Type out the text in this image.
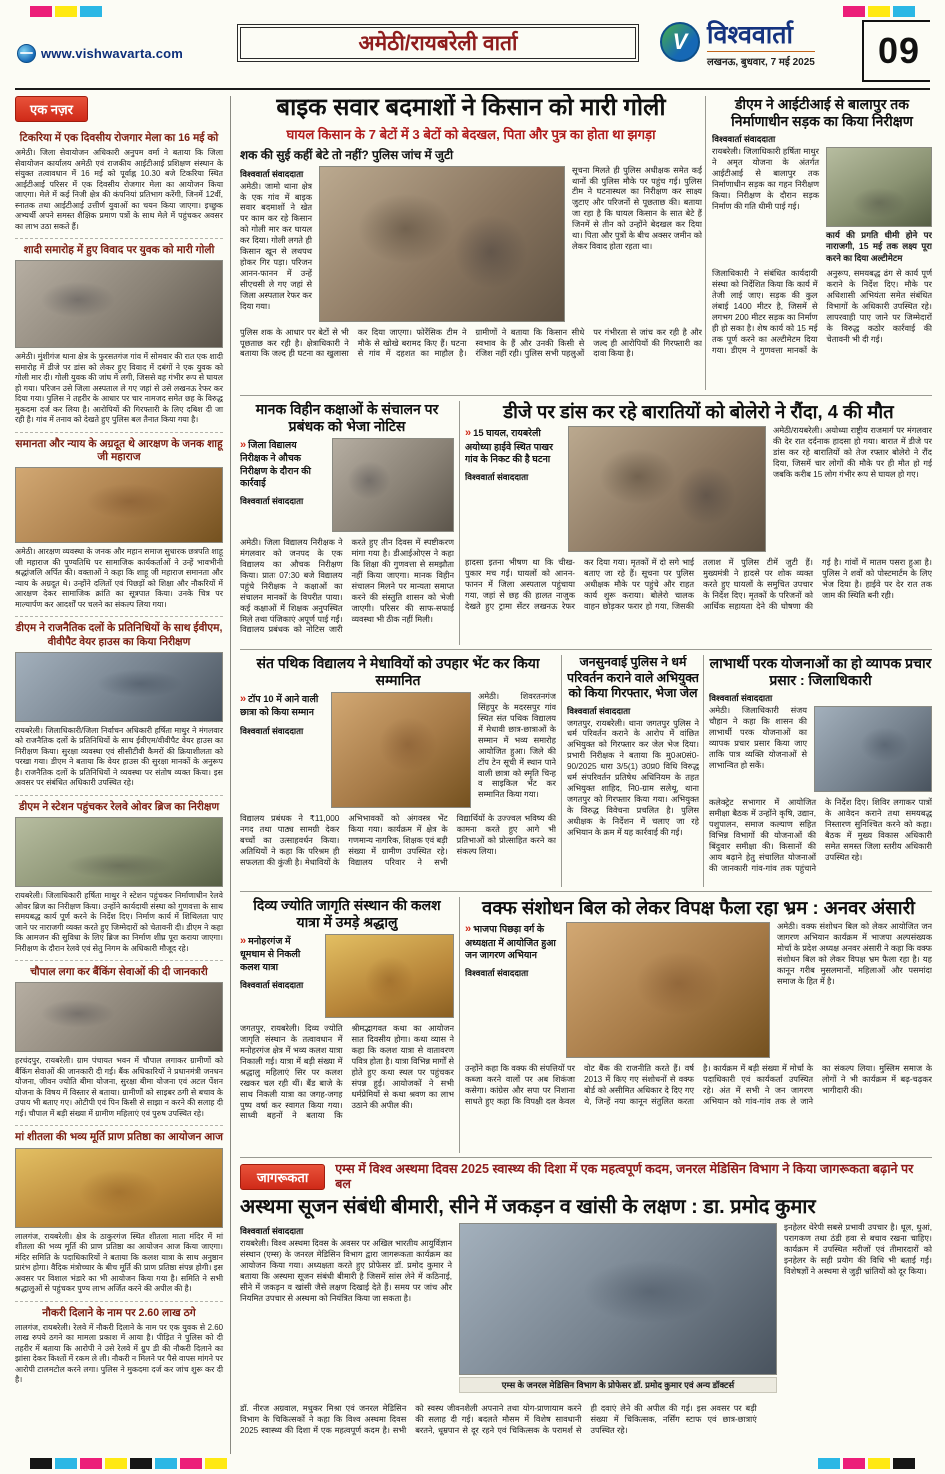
www.vishwavarta.com	अमेठी/रायबरेली वार्ता	V विश्ववार्ता
लखनऊ, बुधवार, 7 मई 2025 09
एक नज़र
टिकरिया में एक दिवसीय रोजगार मेला का 16 मई को
अमेठी। जिला सेवायोजन अधिकारी अनुपम वर्मा ने बताया कि जिला सेवायोजन कार्यालय अमेठी एवं राजकीय आईटीआई प्रशिक्षण संस्थान के संयुक्त तत्वावधान में 16 मई को पूर्वाह्न 10.30 बजे टिकरिया स्थित आईटीआई परिसर में एक दिवसीय रोजगार मेला का आयोजन किया जाएगा। मेले में कई निजी क्षेत्र की कंपनियां प्रतिभाग करेंगी, जिनमें 12वीं, स्नातक तथा आईटीआई उत्तीर्ण युवाओं का चयन किया जाएगा। इच्छुक अभ्यर्थी अपने समस्त शैक्षिक प्रमाण पत्रों के साथ मेले में पहुंचकर अवसर का लाभ उठा सकते हैं।
शादी समारोह में हुए विवाद पर युवक को मारी गोली
अमेठी। मुंशीगंज थाना क्षेत्र के फुरसतगंज गांव में सोमवार की रात एक शादी समारोह में डीजे पर डांस को लेकर हुए विवाद में दबंगों ने एक युवक को गोली मार दी। गोली युवक की जांघ में लगी, जिससे वह गंभीर रूप से घायल हो गया। परिजन उसे जिला अस्पताल ले गए जहां से उसे लखनऊ रेफर कर दिया गया। पुलिस ने तहरीर के आधार पर चार नामजद समेत छह के विरुद्ध मुकदमा दर्ज कर लिया है। आरोपियों की गिरफ्तारी के लिए दबिश दी जा रही है। गांव में तनाव को देखते हुए पुलिस बल तैनात किया गया है।
समानता और न्याय के अग्रदूत थे आरक्षण के जनक शाहू जी महाराज
अमेठी। आरक्षण व्यवस्था के जनक और महान समाज सुधारक छत्रपति शाहू जी महाराज की पुण्यतिथि पर सामाजिक कार्यकर्ताओं ने उन्हें भावभीनी श्रद्धांजलि अर्पित की। वक्ताओं ने कहा कि शाहू जी महाराज समानता और न्याय के अग्रदूत थे। उन्होंने दलितों एवं पिछड़ों को शिक्षा और नौकरियों में आरक्षण देकर सामाजिक क्रांति का सूत्रपात किया। उनके चित्र पर माल्यार्पण कर आदर्शों पर चलने का संकल्प लिया गया।
डीएम ने राजनैतिक दलों के प्रतिनिधियों के साथ ईवीएम, वीवीपैट वेयर हाउस का किया निरीक्षण
रायबरेली। जिलाधिकारी/जिला निर्वाचन अधिकारी हर्षिता माथुर ने मंगलवार को राजनैतिक दलों के प्रतिनिधियों के साथ ईवीएम/वीवीपैट वेयर हाउस का निरीक्षण किया। सुरक्षा व्यवस्था एवं सीसीटीवी कैमरों की क्रियाशीलता को परखा गया। डीएम ने बताया कि वेयर हाउस की सुरक्षा मानकों के अनुरूप है। राजनैतिक दलों के प्रतिनिधियों ने व्यवस्था पर संतोष व्यक्त किया। इस अवसर पर संबंधित अधिकारी उपस्थित रहे।
डीएम ने स्टेशन पहुंचकर रेलवे ओवर ब्रिज का निरीक्षण
रायबरेली। जिलाधिकारी हर्षिता माथुर ने स्टेशन पहुंचकर निर्माणाधीन रेलवे ओवर ब्रिज का निरीक्षण किया। उन्होंने कार्यदायी संस्था को गुणवत्ता के साथ समयबद्ध कार्य पूर्ण करने के निर्देश दिए। निर्माण कार्य में शिथिलता पाए जाने पर नाराजगी व्यक्त करते हुए जिम्मेदारों को चेतावनी दी। डीएम ने कहा कि आमजन की सुविधा के लिए ब्रिज का निर्माण शीघ्र पूरा कराया जाएगा। निरीक्षण के दौरान रेलवे एवं सेतु निगम के अधिकारी मौजूद रहे।
चौपाल लगा कर बैंकिंग सेवाओं की दी जानकारी
हरचंदपुर, रायबरेली। ग्राम पंचायत भवन में चौपाल लगाकर ग्रामीणों को बैंकिंग सेवाओं की जानकारी दी गई। बैंक अधिकारियों ने प्रधानमंत्री जनधन योजना, जीवन ज्योति बीमा योजना, सुरक्षा बीमा योजना एवं अटल पेंशन योजना के विषय में विस्तार से बताया। ग्रामीणों को साइबर ठगी से बचाव के उपाय भी बताए गए। ओटीपी एवं पिन किसी से साझा न करने की सलाह दी गई। चौपाल में बड़ी संख्या में ग्रामीण महिलाएं एवं पुरुष उपस्थित रहे।
मां शीतला की भव्य मूर्ति प्राण प्रतिष्ठा का आयोजन आज
लालगंज, रायबरेली। क्षेत्र के ठाकुरगंज स्थित शीतला माता मंदिर में मां शीतला की भव्य मूर्ति की प्राण प्रतिष्ठा का आयोजन आज किया जाएगा। मंदिर समिति के पदाधिकारियों ने बताया कि कलश यात्रा के साथ अनुष्ठान प्रारंभ होगा। वैदिक मंत्रोच्चार के बीच मूर्ति की प्राण प्रतिष्ठा संपन्न होगी। इस अवसर पर विशाल भंडारे का भी आयोजन किया गया है। समिति ने सभी श्रद्धालुओं से पहुंचकर पुण्य लाभ अर्जित करने की अपील की है।
नौकरी दिलाने के नाम पर 2.60 लाख ठगे
लालगंज, रायबरेली। रेलवे में नौकरी दिलाने के नाम पर एक युवक से 2.60 लाख रुपये ठगने का मामला प्रकाश में आया है। पीड़ित ने पुलिस को दी तहरीर में बताया कि आरोपी ने उसे रेलवे में ग्रुप डी की नौकरी दिलाने का झांसा देकर किश्तों में रकम ले ली। नौकरी न मिलने पर पैसे वापस मांगने पर आरोपी टालमटोल करने लगा। पुलिस ने मुकदमा दर्ज कर जांच शुरू कर दी है।
बाइक सवार बदमाशों ने किसान को मारी गोली
घायल किसान के 7 बेटों में 3 बेटों को बेदखल, पिता और पुत्र का होता था झगड़ा
शक की सुई कहीं बेटे तो नहीं? पुलिस जांच में जुटी
विश्ववार्ता संवाददाता
अमेठी। जामो थाना क्षेत्र के एक गांव में बाइक सवार बदमाशों ने खेत पर काम कर रहे किसान को गोली मार कर घायल कर दिया। गोली लगते ही किसान खून से लथपथ होकर गिर पड़ा। परिजन आनन-फानन में उन्हें सीएचसी ले गए जहां से जिला अस्पताल रेफर कर दिया गया।
सूचना मिलते ही पुलिस अधीक्षक समेत कई थानों की पुलिस मौके पर पहुंच गई। पुलिस टीम ने घटनास्थल का निरीक्षण कर साक्ष्य जुटाए और परिजनों से पूछताछ की। बताया जा रहा है कि घायल किसान के सात बेटे हैं जिनमें से तीन को उन्होंने बेदखल कर दिया था। पिता और पुत्रों के बीच अक्सर जमीन को लेकर विवाद होता रहता था।
पुलिस शक के आधार पर बेटों से भी पूछताछ कर रही है। क्षेत्राधिकारी ने बताया कि जल्द ही घटना का खुलासा कर दिया जाएगा। फोरेंसिक टीम ने मौके से खोखे बरामद किए हैं। घटना से गांव में दहशत का माहौल है। ग्रामीणों ने बताया कि किसान सीधे स्वभाव के हैं और उनकी किसी से रंजिश नहीं रही। पुलिस सभी पहलुओं पर गंभीरता से जांच कर रही है और जल्द ही आरोपियों की गिरफ्तारी का दावा किया है।
डीएम ने आईटीआई से बालापुर तक निर्माणाधीन सड़क का किया निरीक्षण
विश्ववार्ता संवाददाता
रायबरेली। जिलाधिकारी हर्षिता माथुर ने अमृत योजना के अंतर्गत आईटीआई से बालापुर तक निर्माणाधीन सड़क का गहन निरीक्षण किया। निरीक्षण के दौरान सड़क निर्माण की गति धीमी पाई गई।
कार्य की प्रगति धीमी होने पर नाराजगी, 15 मई तक लक्ष्य पूरा करने का दिया अल्टीमेटम
जिलाधिकारी ने संबंधित कार्यदायी संस्था को निर्देशित किया कि कार्य में तेजी लाई जाए। सड़क की कुल लंबाई 1400 मीटर है, जिसमें से लगभग 200 मीटर सड़क का निर्माण ही हो सका है। शेष कार्य को 15 मई तक पूर्ण करने का अल्टीमेटम दिया गया। डीएम ने गुणवत्ता मानकों के अनुरूप, समयबद्ध ढंग से कार्य पूर्ण कराने के निर्देश दिए। मौके पर अधिशासी अभियंता समेत संबंधित विभागों के अधिकारी उपस्थित रहे। लापरवाही पाए जाने पर जिम्मेदारों के विरुद्ध कठोर कार्रवाई की चेतावनी भी दी गई।
मानक विहीन कक्षाओं के संचालन पर प्रबंधक को भेजा नोटिस
» जिला विद्यालय निरीक्षक ने औचक निरीक्षण के दौरान की कार्रवाई
विश्ववार्ता संवाददाता
अमेठी। जिला विद्यालय निरीक्षक ने मंगलवार को जनपद के एक विद्यालय का औचक निरीक्षण किया। प्रातः 07:30 बजे विद्यालय पहुंचे निरीक्षक ने कक्षाओं का संचालन मानकों के विपरीत पाया। कई कक्षाओं में शिक्षक अनुपस्थित मिले तथा पंजिकाएं अपूर्ण पाई गईं। विद्यालय प्रबंधक को नोटिस जारी करते हुए तीन दिवस में स्पष्टीकरण मांगा गया है। डीआईओएस ने कहा कि शिक्षा की गुणवत्ता से समझौता नहीं किया जाएगा। मानक विहीन संचालन मिलने पर मान्यता समाप्त करने की संस्तुति शासन को भेजी जाएगी। परिसर की साफ-सफाई व्यवस्था भी ठीक नहीं मिली।
डीजे पर डांस कर रहे बारातियों को बोलेरो ने रौंदा, 4 की मौत
» 15 घायल, रायबरेली अयोध्या हाईवे स्थित पाखर गांव के निकट की है घटना
विश्ववार्ता संवाददाता
अमेठी/रायबरेली। अयोध्या राष्ट्रीय राजमार्ग पर मंगलवार की देर रात दर्दनाक हादसा हो गया। बारात में डीजे पर डांस कर रहे बारातियों को तेज रफ्तार बोलेरो ने रौंद दिया, जिसमें चार लोगों की मौके पर ही मौत हो गई जबकि करीब 15 लोग गंभीर रूप से घायल हो गए।
हादसा इतना भीषण था कि चीख-पुकार मच गई। घायलों को आनन-फानन में जिला अस्पताल पहुंचाया गया, जहां से छह की हालत नाजुक देखते हुए ट्रामा सेंटर लखनऊ रेफर कर दिया गया। मृतकों में दो सगे भाई बताए जा रहे हैं। सूचना पर पुलिस अधीक्षक मौके पर पहुंचे और राहत कार्य शुरू कराया। बोलेरो चालक वाहन छोड़कर फरार हो गया, जिसकी तलाश में पुलिस टीमें जुटी हैं। मुख्यमंत्री ने हादसे पर शोक व्यक्त करते हुए घायलों के समुचित उपचार के निर्देश दिए। मृतकों के परिजनों को आर्थिक सहायता देने की घोषणा की गई है। गांवों में मातम पसरा हुआ है। पुलिस ने शवों को पोस्टमार्टम के लिए भेज दिया है। हाईवे पर देर रात तक जाम की स्थिति बनी रही।
संत पथिक विद्यालय ने मेधावियों को उपहार भेंट कर किया सम्मानित
» टॉप 10 में आने वाली छात्रा को किया सम्मान
विश्ववार्ता संवाददाता
अमेठी। शिवरतनगंज सिंहपुर के मदरसपुर गांव स्थित संत पथिक विद्यालय में मेधावी छात्र-छात्राओं के सम्मान में भव्य समारोह आयोजित हुआ। जिले की टॉप टेन सूची में स्थान पाने वाली छात्रा को स्मृति चिन्ह व साइकिल भेंट कर सम्मानित किया गया।
विद्यालय प्रबंधक ने ₹11,000 नगद तथा पाठ्य सामग्री देकर बच्चों का उत्साहवर्धन किया। अतिथियों ने कहा कि परिश्रम ही सफलता की कुंजी है। मेधावियों के अभिभावकों को अंगवस्त्र भेंट किया गया। कार्यक्रम में क्षेत्र के गणमान्य नागरिक, शिक्षक एवं बड़ी संख्या में ग्रामीण उपस्थित रहे। विद्यालय परिवार ने सभी विद्यार्थियों के उज्ज्वल भविष्य की कामना करते हुए आगे भी प्रतिभाओं को प्रोत्साहित करने का संकल्प लिया।
जनसुनवाई पुलिस ने धर्म परिवर्तन कराने वाले अभियुक्त को किया गिरफ्तार, भेजा जेल
विश्ववार्ता संवाददाता
जगतपुर, रायबरेली। थाना जगतपुर पुलिस ने धर्म परिवर्तन कराने के आरोप में वांछित अभियुक्त को गिरफ्तार कर जेल भेज दिया। प्रभारी निरीक्षक ने बताया कि मु0अ0सं0-90/2025 धारा 3/5(1) उ0प्र0 विधि विरुद्ध धर्म संपरिवर्तन प्रतिषेध अधिनियम के तहत अभियुक्त शाहिद, नि0-ग्राम सलेथू, थाना जगतपुर को गिरफ्तार किया गया। अभियुक्त के विरुद्ध विवेचना प्रचलित है। पुलिस अधीक्षक के निर्देशन में चलाए जा रहे अभियान के क्रम में यह कार्रवाई की गई।
लाभार्थी परक योजनाओं का हो व्यापक प्रचार प्रसार : जिलाधिकारी
विश्ववार्ता संवाददाता
अमेठी। जिलाधिकारी संजय चौहान ने कहा कि शासन की लाभार्थी परक योजनाओं का व्यापक प्रचार प्रसार किया जाए ताकि पात्र व्यक्ति योजनाओं से लाभान्वित हो सकें।
कलेक्ट्रेट सभागार में आयोजित समीक्षा बैठक में उन्होंने कृषि, उद्यान, पशुपालन, समाज कल्याण सहित विभिन्न विभागों की योजनाओं की बिंदुवार समीक्षा की। किसानों की आय बढ़ाने हेतु संचालित योजनाओं की जानकारी गांव-गांव तक पहुंचाने के निर्देश दिए। शिविर लगाकर पात्रों के आवेदन कराने तथा समयबद्ध निस्तारण सुनिश्चित करने को कहा। बैठक में मुख्य विकास अधिकारी समेत समस्त जिला स्तरीय अधिकारी उपस्थित रहे।
दिव्य ज्योति जागृति संस्थान की कलश यात्रा में उमड़े श्रद्धालु
» मनोहरगंज में धूमधाम से निकली कलश यात्रा
विश्ववार्ता संवाददाता
जगतपुर, रायबरेली। दिव्य ज्योति जागृति संस्थान के तत्वावधान में मनोहरगंज क्षेत्र में भव्य कलश यात्रा निकाली गई। यात्रा में बड़ी संख्या में श्रद्धालु महिलाएं सिर पर कलश रखकर चल रही थीं। बैंड बाजे के साथ निकली यात्रा का जगह-जगह पुष्प वर्षा कर स्वागत किया गया। साध्वी बहनों ने बताया कि श्रीमद्भागवत कथा का आयोजन सात दिवसीय होगा। कथा व्यास ने कहा कि कलश यात्रा से वातावरण पवित्र होता है। यात्रा विभिन्न मार्गों से होते हुए कथा स्थल पर पहुंचकर संपन्न हुई। आयोजकों ने सभी धर्मप्रेमियों से कथा श्रवण का लाभ उठाने की अपील की।
वक्फ संशोधन बिल को लेकर विपक्ष फैला रहा भ्रम : अनवर अंसारी
» भाजपा पिछड़ा वर्ग के अध्यक्षता में आयोजित हुआ जन जागरण अभियान
विश्ववार्ता संवाददाता
अमेठी। वक्फ संशोधन बिल को लेकर आयोजित जन जागरण अभियान कार्यक्रम में भाजपा अल्पसंख्यक मोर्चा के प्रदेश अध्यक्ष अनवर अंसारी ने कहा कि वक्फ संशोधन बिल को लेकर विपक्ष भ्रम फैला रहा है। यह कानून गरीब मुसलमानों, महिलाओं और पसमांदा समाज के हित में है।
उन्होंने कहा कि वक्फ की संपत्तियों पर कब्जा करने वालों पर अब शिकंजा कसेगा। कांग्रेस और सपा पर निशाना साधते हुए कहा कि विपक्षी दल केवल वोट बैंक की राजनीति करते हैं। वर्ष 2013 में किए गए संशोधनों से वक्फ बोर्ड को असीमित अधिकार दे दिए गए थे, जिन्हें नया कानून संतुलित करता है। कार्यक्रम में बड़ी संख्या में मोर्चा के पदाधिकारी एवं कार्यकर्ता उपस्थित रहे। अंत में सभी ने जन जागरण अभियान को गांव-गांव तक ले जाने का संकल्प लिया। मुस्लिम समाज के लोगों ने भी कार्यक्रम में बढ़-चढ़कर भागीदारी की।
जागरूकता
एम्स में विश्व अस्थमा दिवस 2025 स्वास्थ्य की दिशा में एक महत्वपूर्ण कदम, जनरल मेडिसिन विभाग ने किया जागरूकता बढ़ाने पर बल
अस्थमा सूजन संबंधी बीमारी, सीने में जकड़न व खांसी के लक्षण : डा. प्रमोद कुमार
विश्ववार्ता संवाददाता
रायबरेली। विश्व अस्थमा दिवस के अवसर पर अखिल भारतीय आयुर्विज्ञान संस्थान (एम्स) के जनरल मेडिसिन विभाग द्वारा जागरूकता कार्यक्रम का आयोजन किया गया। अध्यक्षता करते हुए प्रोफेसर डॉ. प्रमोद कुमार ने बताया कि अस्थमा सूजन संबंधी बीमारी है जिसमें सांस लेने में कठिनाई, सीने में जकड़न व खांसी जैसे लक्षण दिखाई देते हैं। समय पर जांच और नियमित उपचार से अस्थमा को नियंत्रित किया जा सकता है।
एम्स के जनरल मेडिसिन विभाग के प्रोफेसर डॉ. प्रमोद कुमार एवं अन्य डॉक्टर्स
इनहेलर थेरेपी सबसे प्रभावी उपचार है। धूल, धुआं, परागकण तथा ठंडी हवा से बचाव रखना चाहिए। कार्यक्रम में उपस्थित मरीजों एवं तीमारदारों को इनहेलर के सही प्रयोग की विधि भी बताई गई। विशेषज्ञों ने अस्थमा से जुड़ी भ्रांतियों को दूर किया।
डॉ. नीरज अग्रवाल, मधुकर मिश्रा एवं जनरल मेडिसिन विभाग के चिकित्सकों ने कहा कि विश्व अस्थमा दिवस 2025 स्वास्थ्य की दिशा में एक महत्वपूर्ण कदम है। सभी को स्वस्थ जीवनशैली अपनाने तथा योग-प्राणायाम करने की सलाह दी गई। बदलते मौसम में विशेष सावधानी बरतने, धूम्रपान से दूर रहने एवं चिकित्सक के परामर्श से ही दवाएं लेने की अपील की गई। इस अवसर पर बड़ी संख्या में चिकित्सक, नर्सिंग स्टाफ एवं छात्र-छात्राएं उपस्थित रहे।
